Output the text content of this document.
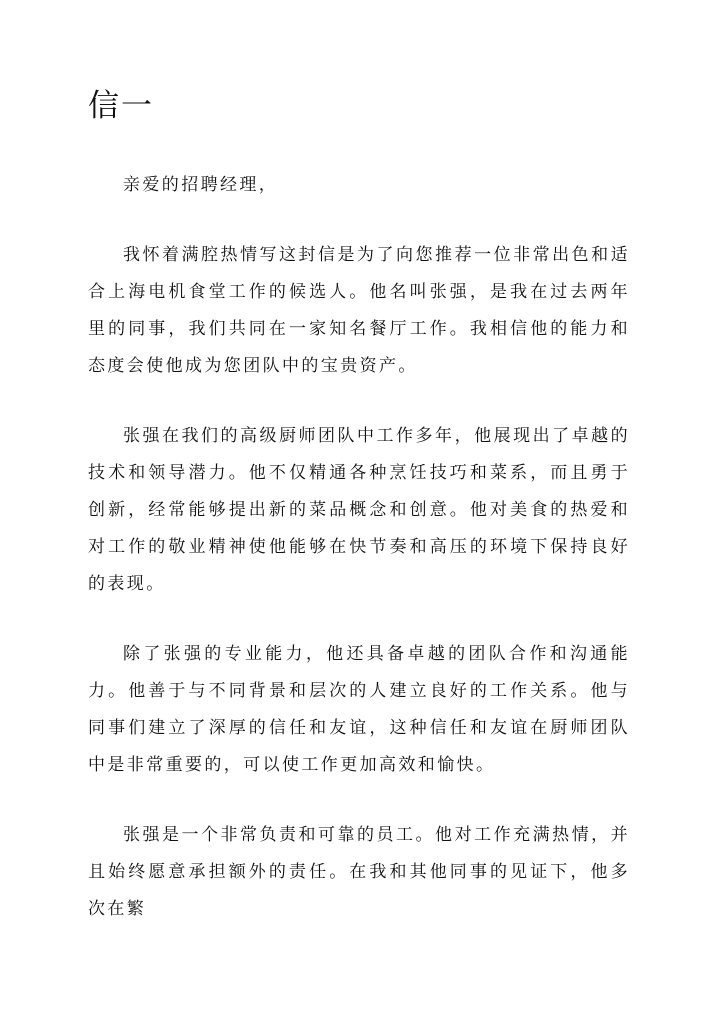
信一

亲爱的招聘经理，

我怀着满腔热情写这封信是为了向您推荐一位非常出色和适合上海电机食堂工作的候选人。他名叫张强，是我在过去两年里的同事，我们共同在一家知名餐厅工作。我相信他的能力和态度会使他成为您团队中的宝贵资产。

张强在我们的高级厨师团队中工作多年，他展现出了卓越的技术和领导潜力。他不仅精通各种烹饪技巧和菜系，而且勇于创新，经常能够提出新的菜品概念和创意。他对美食的热爱和对工作的敬业精神使他能够在快节奏和高压的环境下保持良好的表现。

除了张强的专业能力，他还具备卓越的团队合作和沟通能力。他善于与不同背景和层次的人建立良好的工作关系。他与同事们建立了深厚的信任和友谊，这种信任和友谊在厨师团队中是非常重要的，可以使工作更加高效和愉快。

张强是一个非常负责和可靠的员工。他对工作充满热情，并且始终愿意承担额外的责任。在我和其他同事的见证下，他多次在繁
